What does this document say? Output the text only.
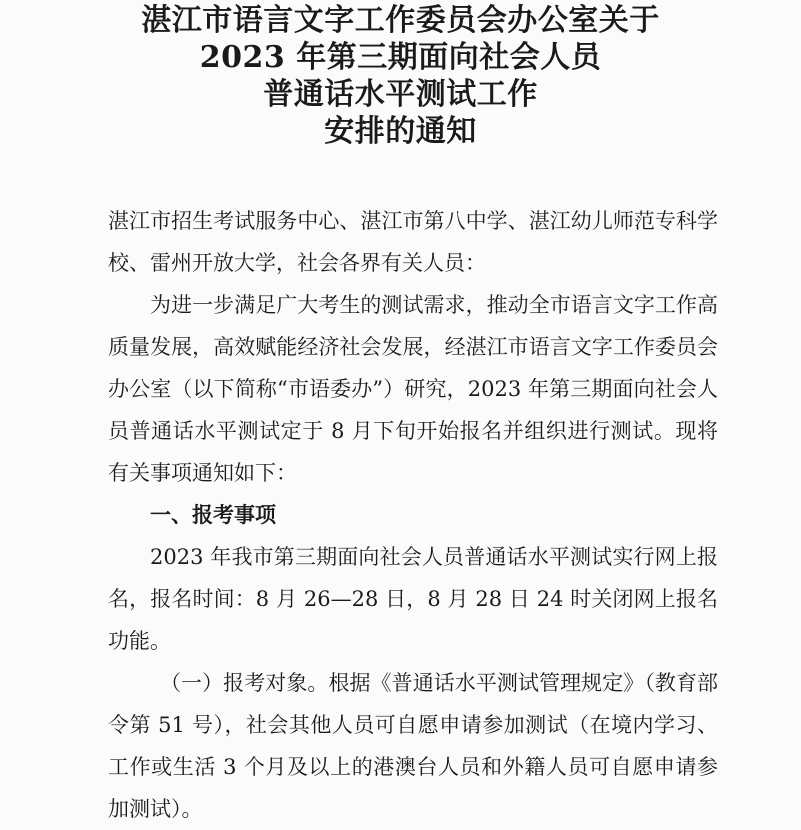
湛江市语言文字工作委员会办公室关于
2023 年第三期面向社会人员
普通话水平测试工作
安排的通知

湛江市招生考试服务中心、湛江市第八中学、湛江幼儿师范专科学校、雷州开放大学，社会各界有关人员：

为进一步满足广大考生的测试需求，推动全市语言文字工作高质量发展，高效赋能经济社会发展，经湛江市语言文字工作委员会办公室（以下简称“市语委办”）研究，2023 年第三期面向社会人员普通话水平测试定于 8 月下旬开始报名并组织进行测试。现将有关事项通知如下：

一、报考事项

2023 年我市第三期面向社会人员普通话水平测试实行网上报名，报名时间：8 月 26—28 日，8 月 28 日 24 时关闭网上报名功能。

（一）报考对象。根据《普通话水平测试管理规定》（教育部令第 51 号），社会其他人员可自愿申请参加测试（在境内学习、工作或生活 3 个月及以上的港澳台人员和外籍人员可自愿申请参加测试）。
